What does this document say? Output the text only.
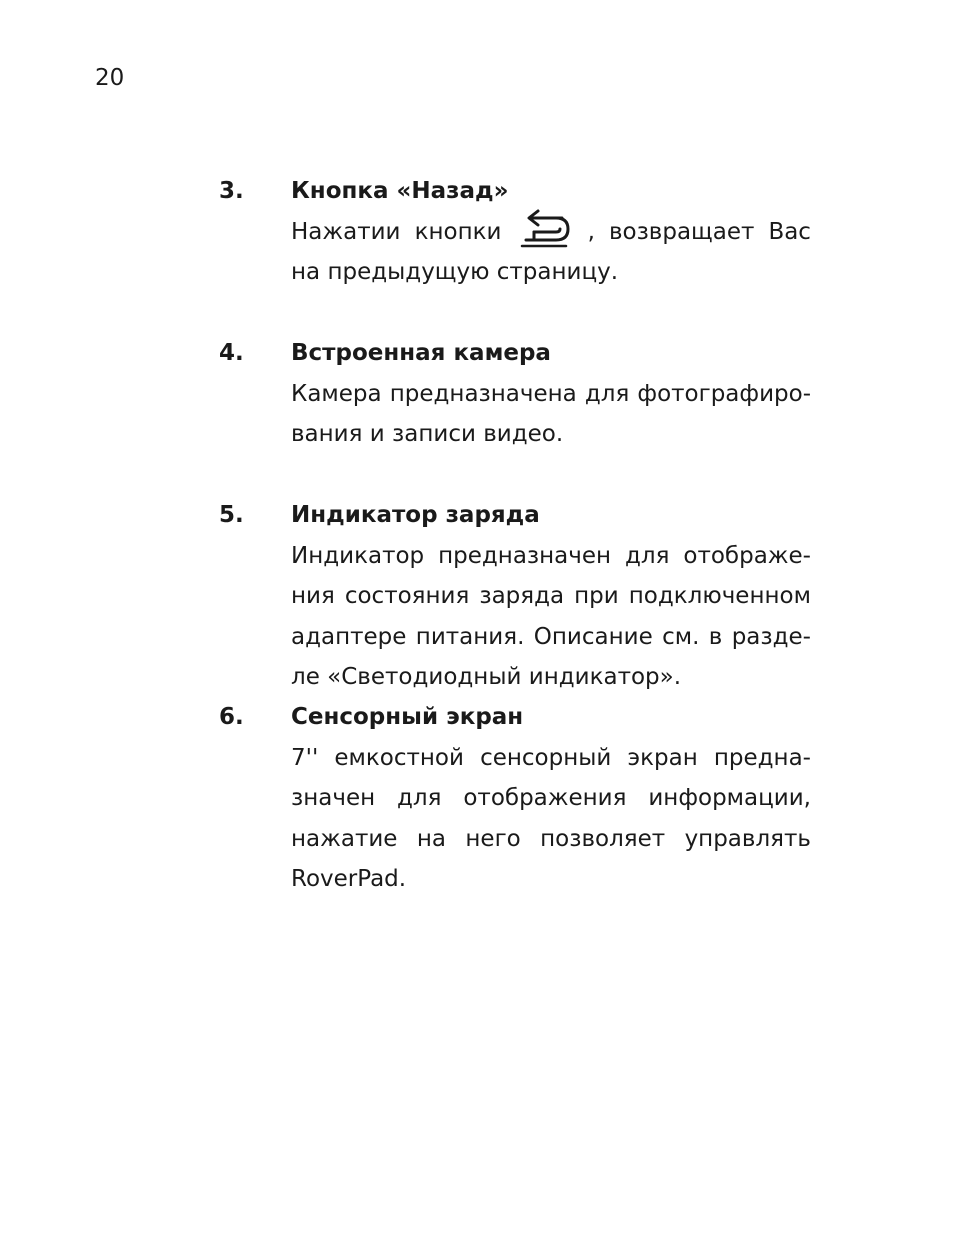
20
3. Кнопка «Назад»
Нажатии кнопки	, возвращает Вас
на предыдущую страницу.
4. Встроенная камера
Камера предназначена для фотографиро-
вания и записи видео.
5. Индикатор заряда
Индикатор предназначен для отображе-
ния состояния заряда при подключенном
адаптере питания. Описание см. в разде-
ле «Светодиодный индикатор».
6. Сенсорный экран
7'' емкостной сенсорный экран предна-
значен для отображения информации,
нажатие на него позволяет управлять
RoverPad.
